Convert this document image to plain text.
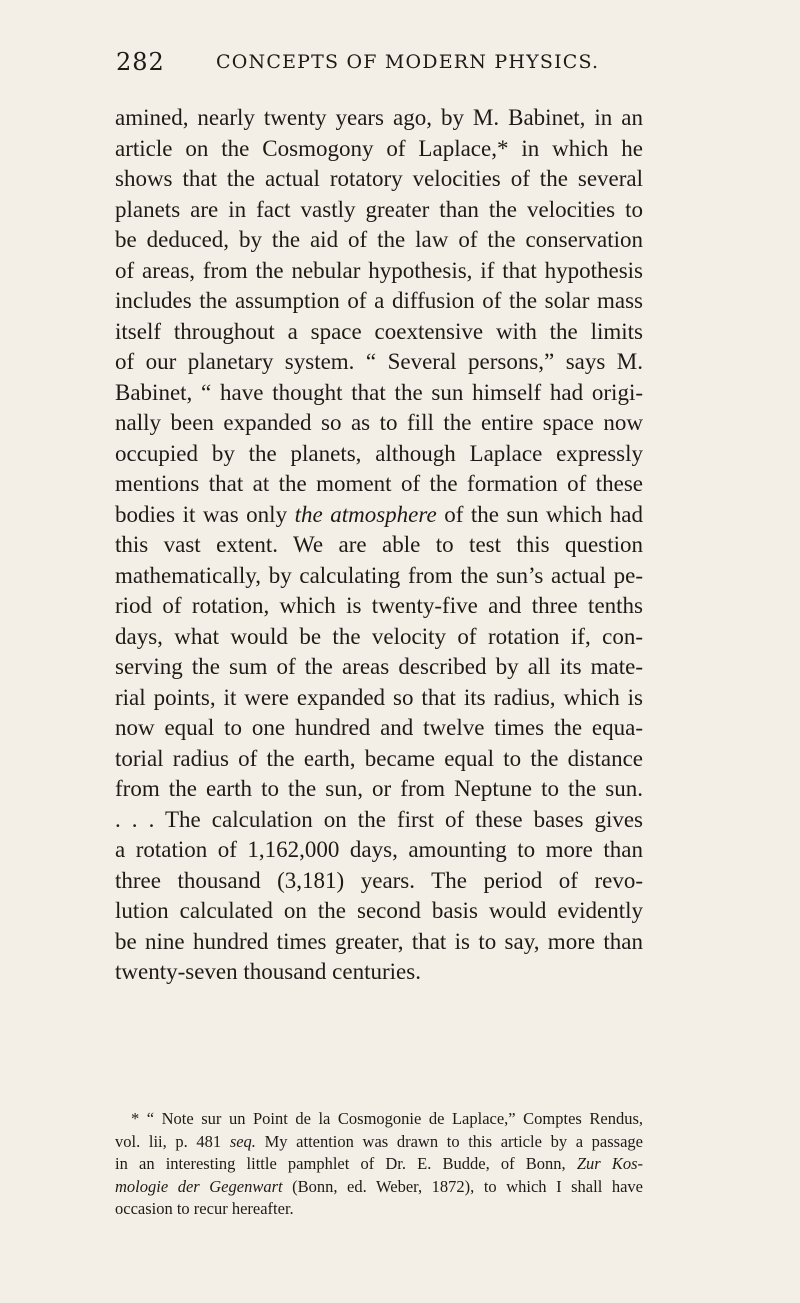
282	CONCEPTS OF MODERN PHYSICS.
amined, nearly twenty years ago, by M. Babinet, in an
article on the Cosmogony of Laplace,* in which he
shows that the actual rotatory velocities of the several
planets are in fact vastly greater than the velocities to
be deduced, by the aid of the law of the conservation
of areas, from the nebular hypothesis, if that hypothesis
includes the assumption of a diffusion of the solar mass
itself throughout a space coextensive with the limits
of our planetary system. “ Several persons,” says M.
Babinet, “ have thought that the sun himself had origi-
nally been expanded so as to fill the entire space now
occupied by the planets, although Laplace expressly
mentions that at the moment of the formation of these
bodies it was only the atmosphere of the sun which had
this vast extent. We are able to test this question
mathematically, by calculating from the sun’s actual pe-
riod of rotation, which is twenty-five and three tenths
days, what would be the velocity of rotation if, con-
serving the sum of the areas described by all its mate-
rial points, it were expanded so that its radius, which is
now equal to one hundred and twelve times the equa-
torial radius of the earth, became equal to the distance
from the earth to the sun, or from Neptune to the sun.
. . . The calculation on the first of these bases gives
a rotation of 1,162,000 days, amounting to more than
three thousand (3,181) years. The period of revo-
lution calculated on the second basis would evidently
be nine hundred times greater, that is to say, more than
twenty-seven thousand centuries.
* “ Note sur un Point de la Cosmogonie de Laplace,” Comptes Rendus,
vol. lii, p. 481 seq. My attention was drawn to this article by a passage
in an interesting little pamphlet of Dr. E. Budde, of Bonn, Zur Kos-
mologie der Gegenwart (Bonn, ed. Weber, 1872), to which I shall have
occasion to recur hereafter.
